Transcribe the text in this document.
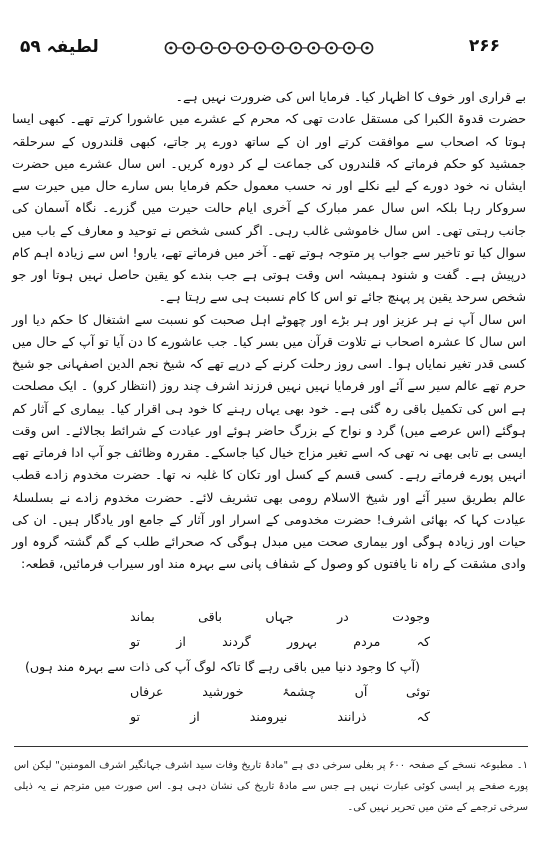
لطیفہ ۵۹	۲۶۶

بے قراری اور خوف کا اظہار کیا۔ فرمایا اس کی ضرورت نہیں ہے۔

حضرت قدوۃ الکبرا کی مستقل عادت تھی کہ محرم کے عشرے میں عاشورا کرتے تھے۔ کبھی ایسا ہوتا کہ اصحاب سے موافقت کرتے اور ان کے ساتھ دورے پر جاتے، کبھی قلندروں کے سرحلقہ جمشید کو حکم فرماتے کہ قلندروں کی جماعت لے کر دورہ کریں۔ اس سال عشرے میں حضرت ایشاں نہ خود دورے کے لیے نکلے اور نہ حسب معمول حکم فرمایا بس سارے حال میں حیرت سے سروکار رہا بلکہ اس سال عمر مبارک کے آخری ایام حالت حیرت میں گزرے۔ نگاہ آسمان کی جانب رہتی تھی۔ اس سال خاموشی غالب رہی۔ اگر کسی شخص نے توحید و معارف کے باب میں سوال کیا تو تاخیر سے جواب پر متوجہ ہوتے تھے۔ آخر میں فرماتے تھے، یارو! اس سے زیادہ اہم کام درپیش ہے۔ گفت و شنود ہمیشہ اس وقت ہوتی ہے جب بندے کو یقین حاصل نہیں ہوتا اور جو شخص سرحد یقین پر پہنچ جائے تو اس کا کام نسبت ہی سے رہتا ہے۔

اس سال آپ نے ہر عزیز اور ہر بڑے اور چھوٹے اہل صحبت کو نسبت سے اشتغال کا حکم دیا اور اس سال کا عشرہ اصحاب نے تلاوت قرآن میں بسر کیا۔ جب عاشورے کا دن آیا تو آپ کے حال میں کسی قدر تغیر نمایاں ہوا۔ اسی روز رحلت کرنے کے درپے تھے کہ شیخ نجم الدین اصفہانی جو شیخ حرم تھے عالم سیر سے آئے اور فرمایا نہیں نہیں فرزند اشرف چند روز (انتظار کرو) ۔ ایک مصلحت ہے اس کی تکمیل باقی رہ گئی ہے۔ خود بھی یہاں رہنے کا خود ہی اقرار کیا۔ بیماری کے آثار کم ہوگئے (اس عرصے میں) گرد و نواح کے بزرگ حاضر ہوئے اور عیادت کے شرائط بجالائے۔ اس وقت ایسی بے تابی بھی نہ تھی کہ اسے تغیر مزاج خیال کیا جاسکے۔ مقررہ وظائف جو آپ ادا فرماتے تھے انہیں پورے فرماتے رہے۔ کسی قسم کے کسل اور تکان کا غلبہ نہ تھا۔ حضرت مخدوم زادے قطب عالم بطریق سیر آئے اور شیخ الاسلام رومی بھی تشریف لائے۔ حضرت مخدوم زادے نے بسلسلۂ عیادت کہا کہ بھائی اشرف! حضرت مخدومی کے اسرار اور آثار کے جامع اور یادگار ہیں۔ ان کی حیات اور زیادہ ہوگی اور بیماری صحت میں مبدل ہوگی کہ صحرائے طلب کے گم گشتہ گروہ اور وادی مشقت کے راہ نا یافتوں کو وصول کے شفاف پانی سے بہرہ مند اور سیراب فرمائیں، قطعہ:

وجودت در جہاں باقی بماند
کہ مردم بہرور گردند از تو
(آپ کا وجود دنیا میں باقی رہے گا تاکہ لوگ آپ کی ذات سے بہرہ مند ہوں)
توئی آں چشمۂ خورشید عرفاں
کہ ذرانند نیرومند از تو

۱۔ مطبوعہ نسخے کے صفحہ ۶۰۰ پر بغلی سرخی دی ہے "مادۂ تاریخ وفات سید اشرف جہانگیر اشرف المومنین" لیکن اس پورے صفحے پر ایسی کوئی عبارت نہیں ہے جس سے مادۂ تاریخ کی نشان دہی ہو۔ اس صورت میں مترجم نے یہ ذیلی سرخی ترجمے کے متن میں تحریر نہیں کی۔
